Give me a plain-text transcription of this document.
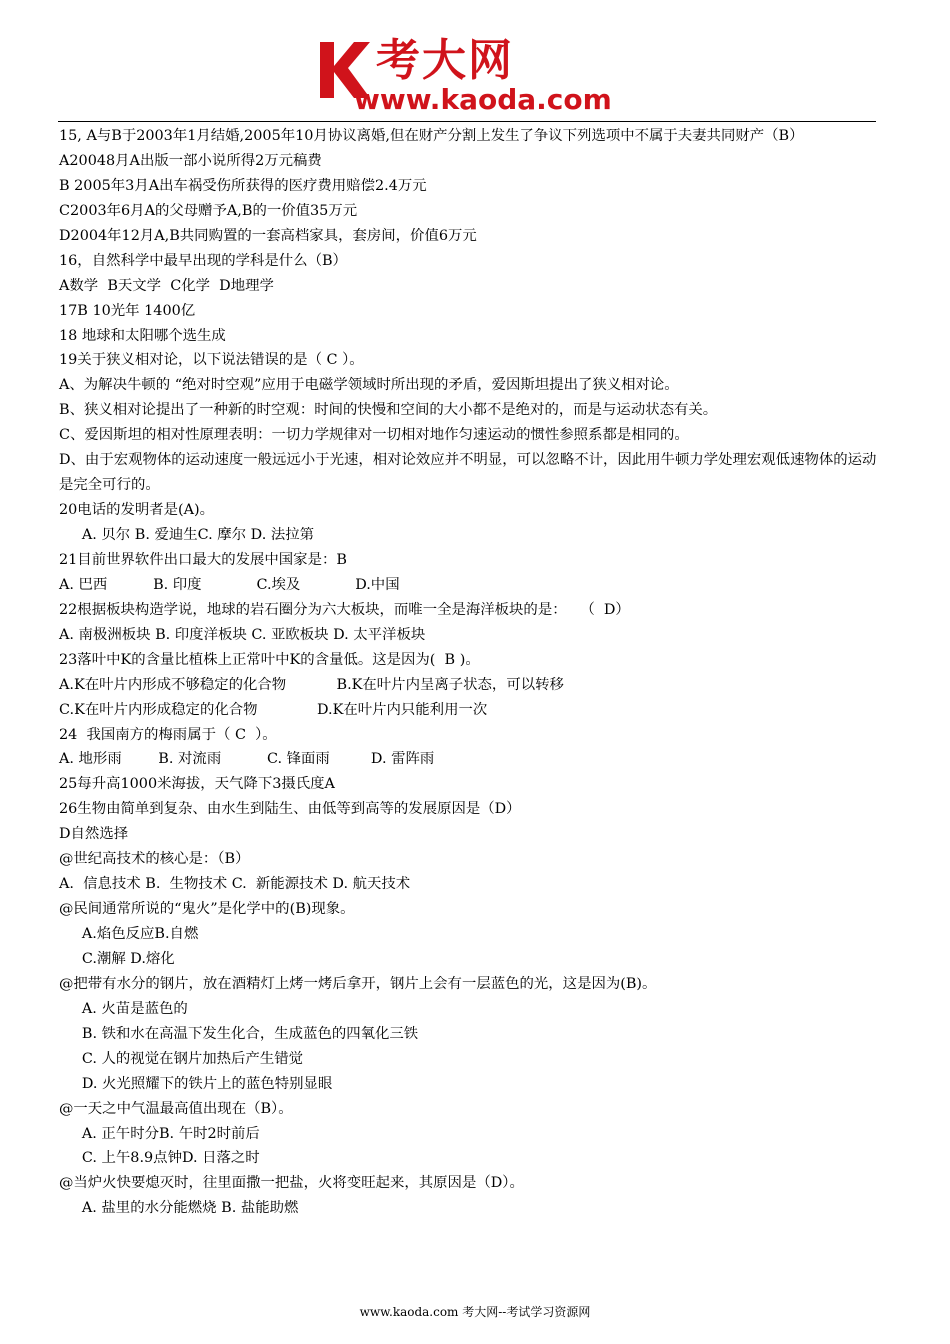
考大网
www.kaoda.com
15, A与B于2003年1月结婚,2005年10月协议离婚,但在财产分割上发生了争议下列选项中不属于夫妻共同财产（B）
A20048月A出版一部小说所得2万元稿费
B 2005年3月A出车祸受伤所获得的医疗费用赔偿2.4万元
C2003年6月A的父母赠予A,B的一价值35万元
D2004年12月A,B共同购置的一套高档家具，套房间，价值6万元
16，自然科学中最早出现的学科是什么（B）
A数学  B天文学  C化学  D地理学
17B 10光年 1400亿
18 地球和太阳哪个选生成
19关于狭义相对论，以下说法错误的是（ C ）。
A、为解决牛顿的 “绝对时空观”应用于电磁学领域时所出现的矛盾，爱因斯坦提出了狭义相对论。
B、狭义相对论提出了一种新的时空观：时间的快慢和空间的大小都不是绝对的，而是与运动状态有关。
C、爱因斯坦的相对性原理表明：一切力学规律对一切相对地作匀速运动的惯性参照系都是相同的。
D、由于宏观物体的运动速度一般远远小于光速，相对论效应并不明显，可以忽略不计，因此用牛顿力学处理宏观低速物体的运动是完全可行的。
20电话的发明者是(A)。
A. 贝尔 B. 爱迪生C. 摩尔 D. 法拉第
21目前世界软件出口最大的发展中国家是：B
A. 巴西          B. 印度            C.埃及            D.中国
22根据板块构造学说，地球的岩石圈分为六大板块，而唯一全是海洋板块的是：   （  D）
A. 南极洲板块 B. 印度洋板块 C. 亚欧板块 D. 太平洋板块
23落叶中K的含量比植株上正常叶中K的含量低。这是因为(  B )。
A.K在叶片内形成不够稳定的化合物           B.K在叶片内呈离子状态，可以转移
C.K在叶片内形成稳定的化合物             D.K在叶片内只能利用一次
24  我国南方的梅雨属于（ C  ）。
A. 地形雨        B. 对流雨          C. 锋面雨         D. 雷阵雨
25每升高1000米海拔，天气降下3摄氏度A
26生物由简单到复杂、由水生到陆生、由低等到高等的发展原因是（D）
D自然选择
@世纪高技术的核心是：（B）
A.  信息技术 B.  生物技术 C.  新能源技术 D. 航天技术
@民间通常所说的“鬼火”是化学中的(B)现象。
A.焰色反应B.自燃
C.潮解 D.熔化
@把带有水分的钢片，放在酒精灯上烤一烤后拿开，钢片上会有一层蓝色的光，这是因为(B)。
A. 火苗是蓝色的
B. 铁和水在高温下发生化合，生成蓝色的四氧化三铁
C. 人的视觉在钢片加热后产生错觉
D. 火光照耀下的铁片上的蓝色特别显眼
@一天之中气温最高值出现在（B）。
A. 正午时分B. 午时2时前后
C. 上午8.9点钟D. 日落之时
@当炉火快要熄灭时，往里面撒一把盐，火将变旺起来，其原因是（D）。
A. 盐里的水分能燃烧 B. 盐能助燃
www.kaoda.com 考大网--考试学习资源网
